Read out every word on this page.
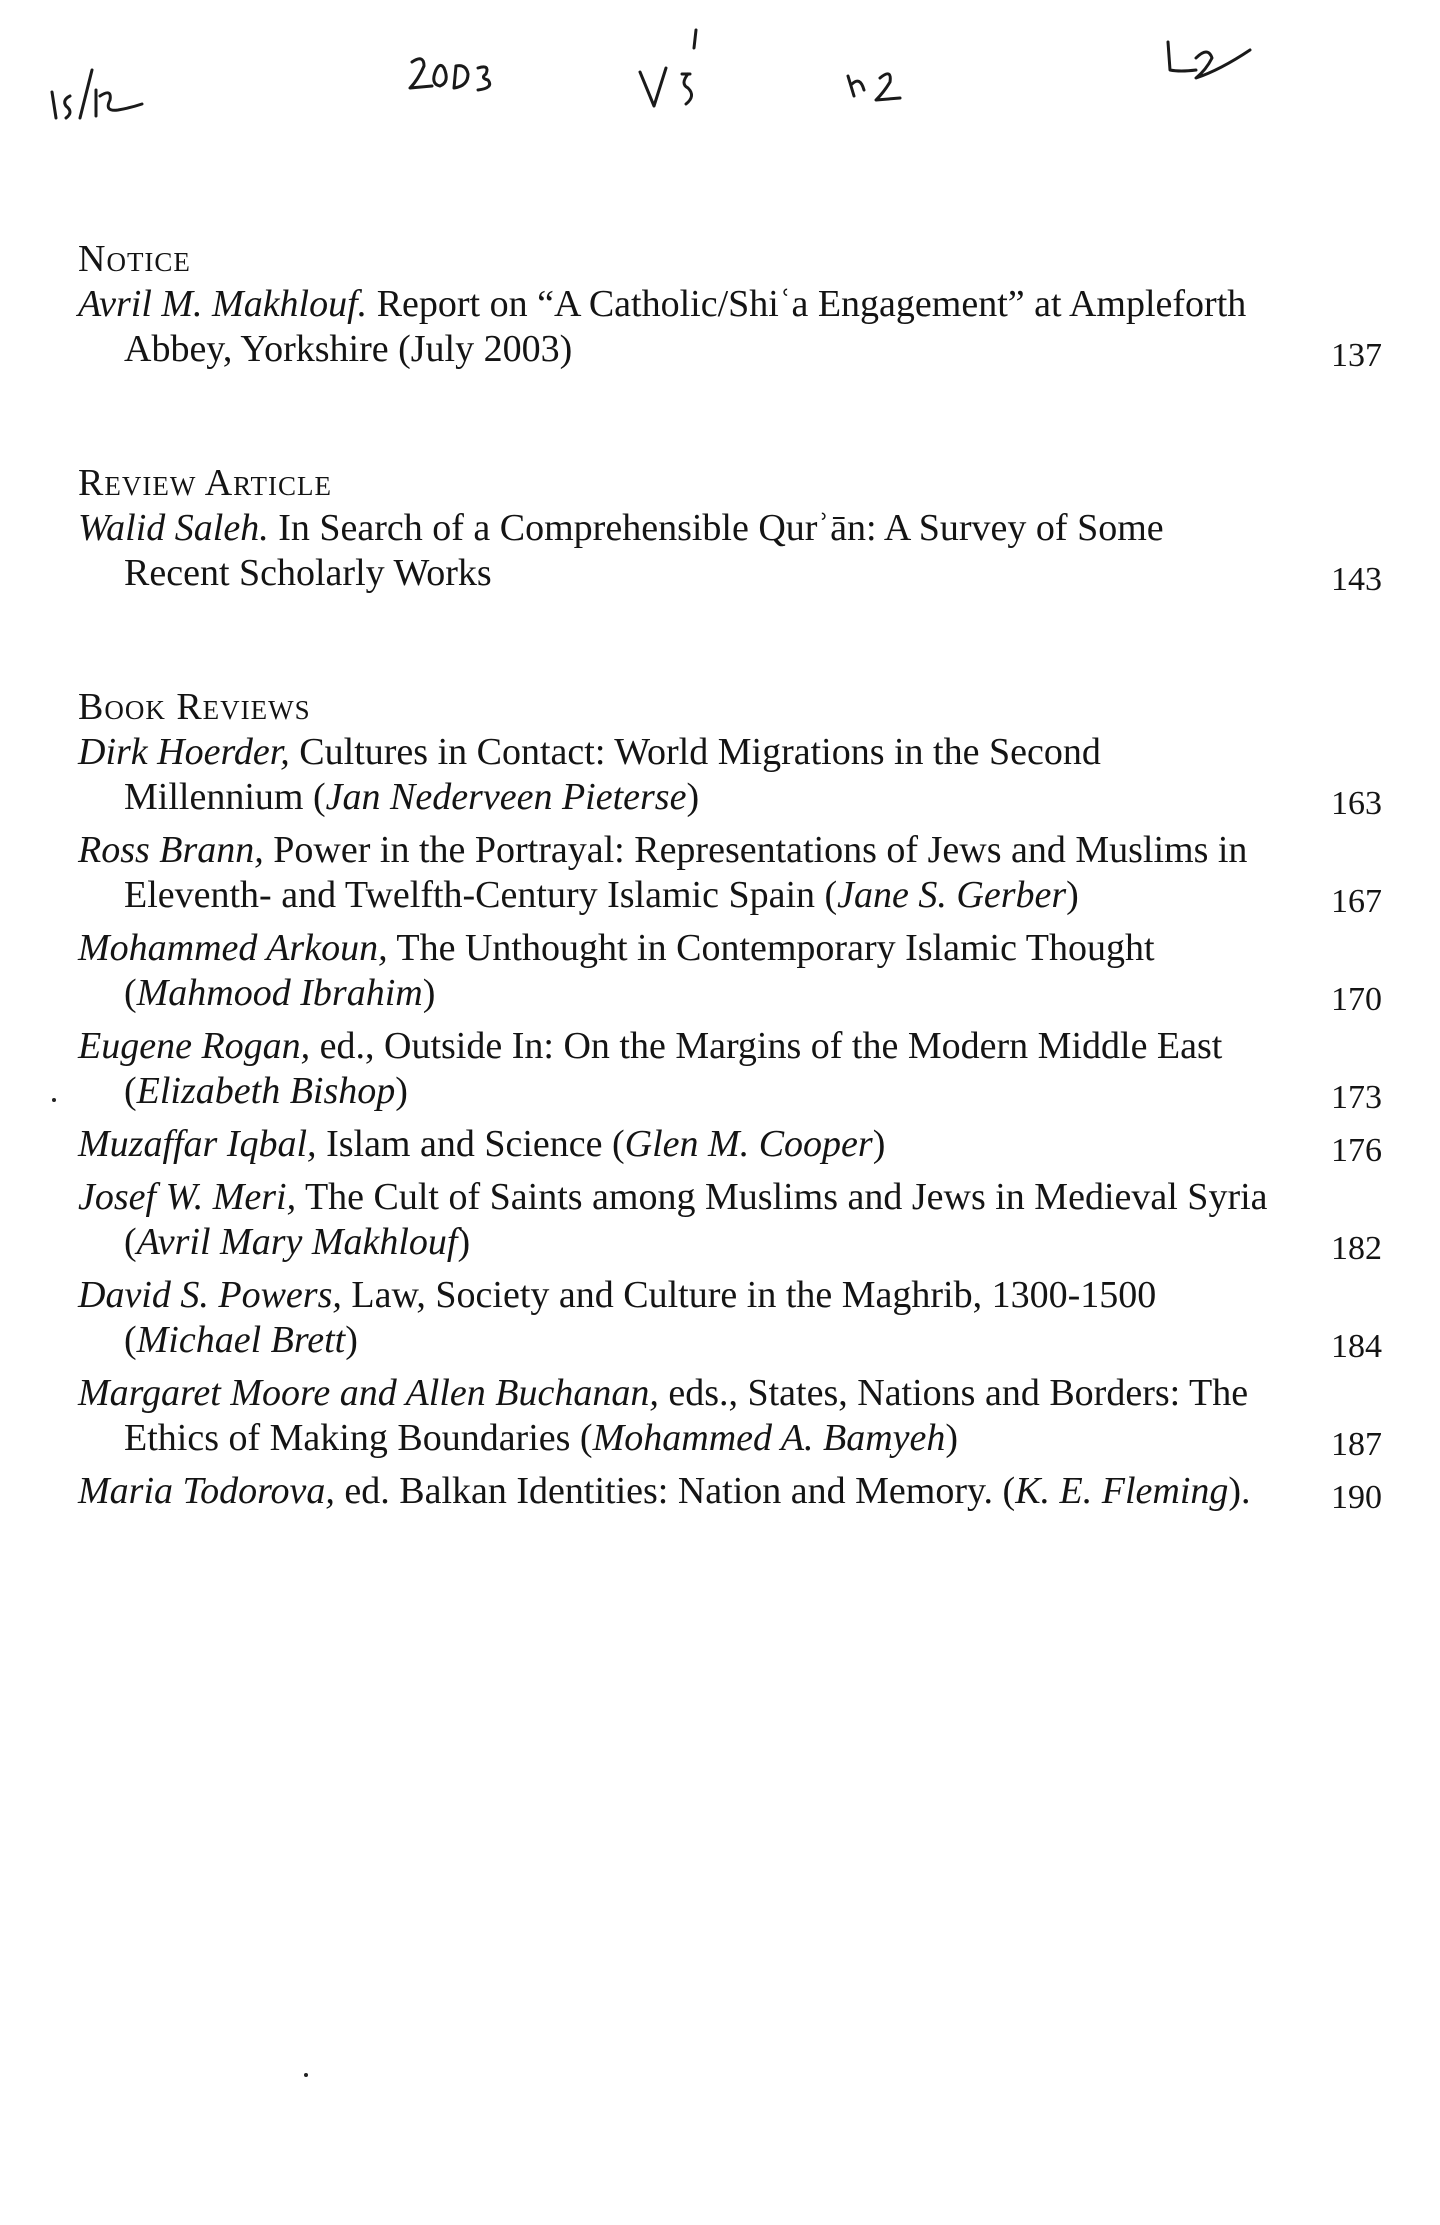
Notice
Avril M. Makhlouf. Report on “A Catholic/Shiʿa Engagement” at Ampleforth Abbey, Yorkshire (July 2003)	137
Review Article
Walid Saleh. In Search of a Comprehensible Qurʾān: A Survey of Some Recent Scholarly Works	143
Book Reviews
Dirk Hoerder, Cultures in Contact: World Migrations in the Second Millennium (Jan Nederveen Pieterse)	163
Ross Brann, Power in the Portrayal: Representations of Jews and Muslims in Eleventh- and Twelfth-Century Islamic Spain (Jane S. Gerber)	167
Mohammed Arkoun, The Unthought in Contemporary Islamic Thought (Mahmood Ibrahim)	170
Eugene Rogan, ed., Outside In: On the Margins of the Modern Middle East (Elizabeth Bishop)	173
Muzaffar Iqbal, Islam and Science (Glen M. Cooper)	176
Josef W. Meri, The Cult of Saints among Muslims and Jews in Medieval Syria (Avril Mary Makhlouf)	182
David S. Powers, Law, Society and Culture in the Maghrib, 1300-1500 (Michael Brett)	184
Margaret Moore and Allen Buchanan, eds., States, Nations and Borders: The Ethics of Making Boundaries (Mohammed A. Bamyeh)	187
Maria Todorova, ed. Balkan Identities: Nation and Memory. (K. E. Fleming).	190
